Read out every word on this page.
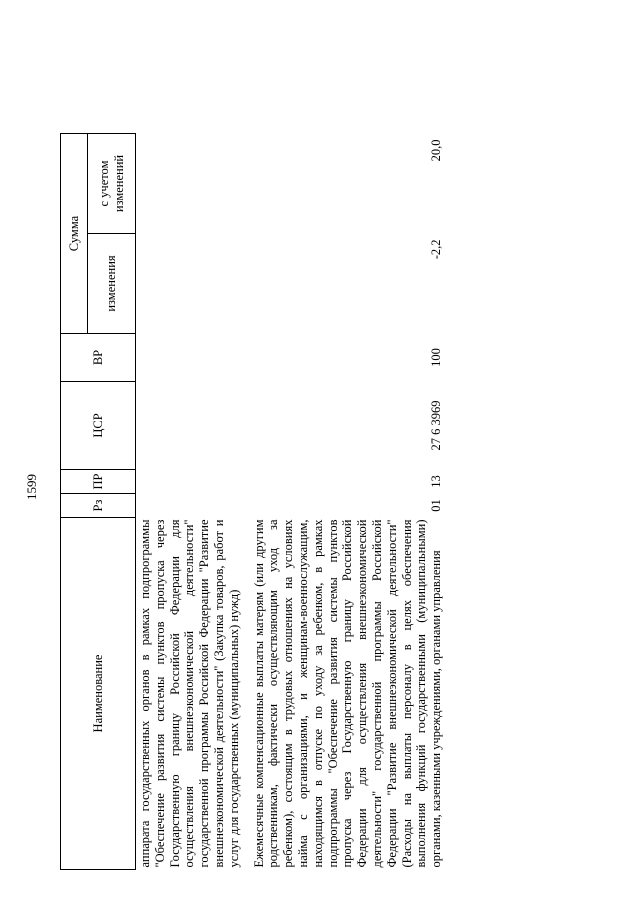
1599
Наименование	Рз	ПР	ЦСР	ВР	Сумма	
					изменения	с учетом изменений
аппарата государственных органов в рамках подпрограммы "Обеспечение развития системы пунктов пропуска через Государственную границу Российской Федерации для осуществления внешнеэкономической деятельности" государственной программы Российской Федерации "Развитие внешнеэкономической деятельности" (Закупка товаров, работ и услуг для государственных (муниципальных) нужд)						
Ежемесячные компенсационные выплаты матерям (или другим родственникам, фактически осуществляющим уход за ребенком), состоящим в трудовых отношениях на условиях найма с организациями, и женщинам-военнослужащим, находящимся в отпуске по уходу за ребенком, в рамках подпрограммы "Обеспечение развития системы пунктов пропуска через Государственную границу Российской Федерации для осуществления внешнеэкономической деятельности" государственной программы Российской Федерации "Развитие внешнеэкономической деятельности" (Расходы на выплаты персоналу в целях обеспечения выполнения функций государственными (муниципальными) органами, казенными учреждениями, органами управления	01	13	27 6 3969	100	-2,2	20,0
